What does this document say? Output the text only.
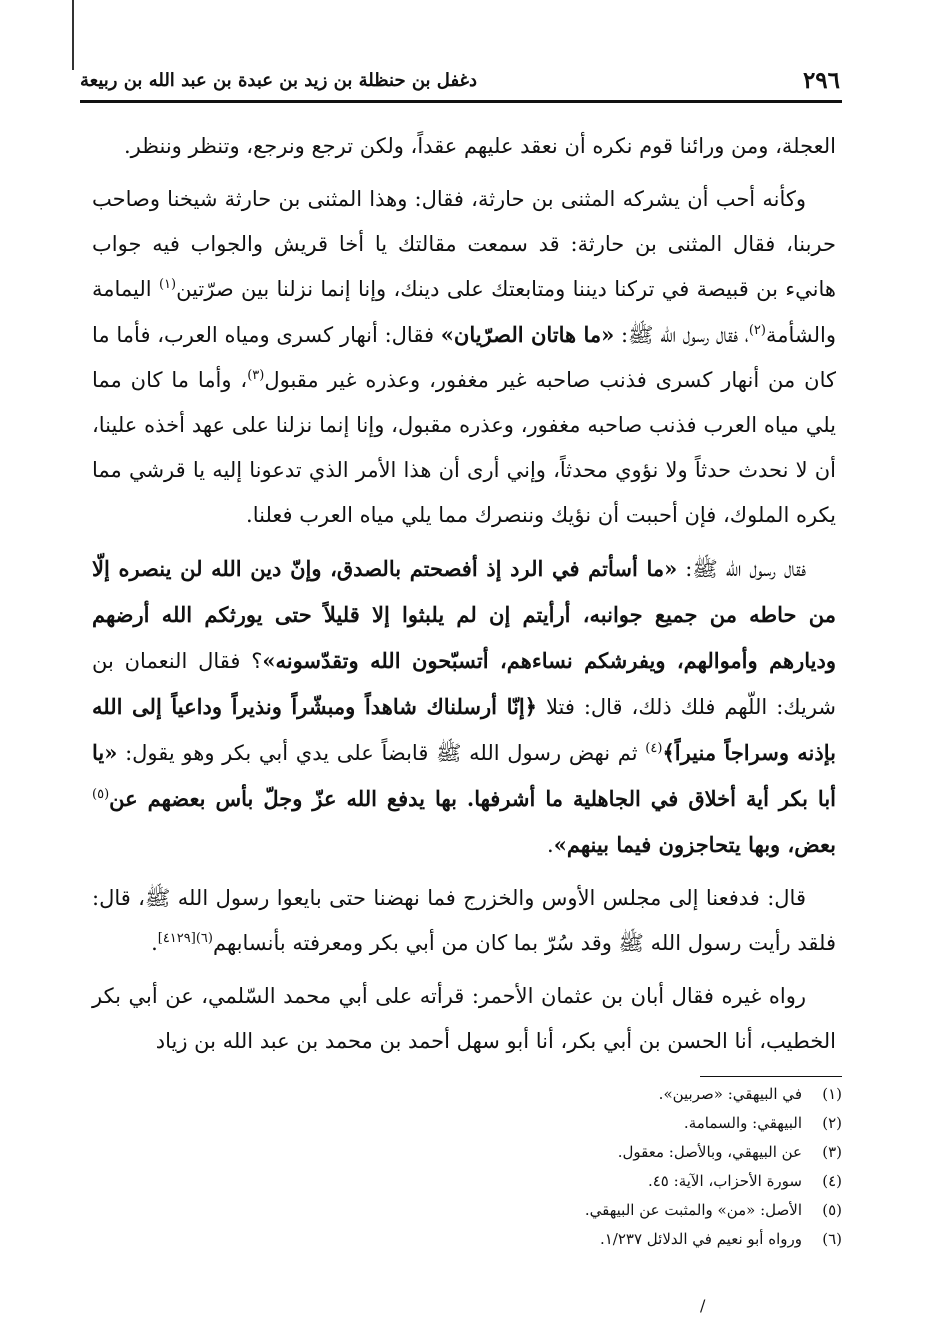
٢٩٦
دغفل بن حنظلة بن زيد بن عبدة بن عبد الله بن ربيعة

العجلة، ومن ورائنا قوم نكره أن نعقد عليهم عقداً، ولكن ترجع ونرجع، وتنظر وننظر.

وكأنه أحب أن يشركه المثنى بن حارثة، فقال: وهذا المثنى بن حارثة شيخنا وصاحب حربنا، فقال المثنى بن حارثة: قد سمعت مقالتك يا أخا قريش والجواب فيه جواب هانيء بن قبيصة في تركنا ديننا ومتابعتك على دينك، وإنا إنما نزلنا بين صرّتين$^{(١)}$ اليمامة والشأمة$^{(٢)}$، فقال رسول الله ﷺ: «ما هاتان الصرّيان» فقال: أنهار كسرى ومياه العرب، فأما ما كان من أنهار كسرى فذنب صاحبه غير مغفور، وعذره غير مقبول$^{(٣)}$، وأما ما كان مما يلي مياه العرب فذنب صاحبه مغفور، وعذره مقبول، وإنا إنما نزلنا على عهد أخذه علينا، أن لا نحدث حدثاً ولا نؤوي محدثاً، وإني أرى أن هذا الأمر الذي تدعونا إليه يا قرشي مما يكره الملوك، فإن أحببت أن نؤيك وننصرك مما يلي مياه العرب فعلنا.

فقال رسول الله ﷺ: «ما أسأتم في الرد إذ أفصحتم بالصدق، وإنّ دين الله لن ينصره إلّا من حاطه من جميع جوانبه، أرأيتم إن لم يلبثوا إلا قليلاً حتى يورثكم الله أرضهم وديارهم وأموالهم، ويفرشكم نساءهم، أتسبّحون الله وتقدّسونه»؟ فقال النعمان بن شريك: اللّهم فلك ذلك، قال: فتلا ﴿إنّا أرسلناك شاهداً ومبشّراً ونذيراً وداعياً إلى الله بإذنه وسراجاً منيراً﴾$^{(٤)}$ ثم نهض رسول الله ﷺ قابضاً على يدي أبي بكر وهو يقول: «يا أبا بكر أية أخلاق في الجاهلية ما أشرفها. بها يدفع الله عزّ وجلّ بأس بعضهم عن$^{(٥)}$ بعض، وبها يتحاجزون فيما بينهم».

قال: فدفعنا إلى مجلس الأوس والخزرج فما نهضنا حتى بايعوا رسول الله ﷺ، قال: فلقد رأيت رسول الله ﷺ وقد سُرّ بما كان من أبي بكر ومعرفته بأنسابهم$^{(٦)[٤١٢٩]}$.

رواه غيره فقال أبان بن عثمان الأحمر: قرأته على أبي محمد السّلمي، عن أبي بكر الخطيب، أنا الحسن بن أبي بكر، أنا أبو سهل أحمد بن محمد بن عبد الله بن زياد

(١)
في البيهقي: «صربين».
(٢)
البيهقي: والسمامة.
(٣)
عن البيهقي، وبالأصل: معقول.
(٤)
سورة الأحزاب، الآية: ٤٥.
(٥)
الأصل: «من» والمثبت عن البيهقي.
(٦)
ورواه أبو نعيم في الدلائل ١/٢٣٧.
/
